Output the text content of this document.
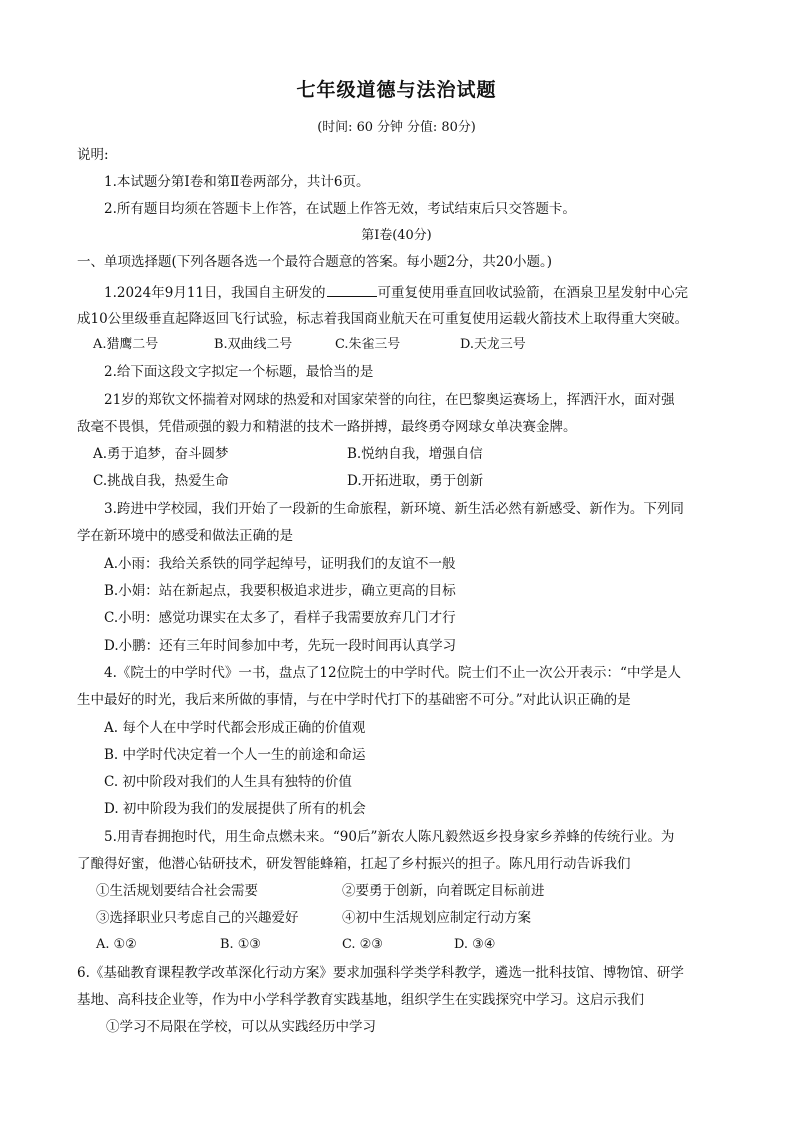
七年级道德与法治试题
(时间: 60 分钟 分值: 80分)
说明:
1.本试题分第Ⅰ卷和第Ⅱ卷两部分，共计6页。
2.所有题目均须在答题卡上作答，在试题上作答无效，考试结束后只交答题卡。
第Ⅰ卷(40分)
一、单项选择题(下列各题各选一个最符合题意的答案。每小题2分，共20小题。)
1.2024年9月11日，我国自主研发的	可重复使用垂直回收试验箭，在酒泉卫星发射中心完
成10公里级垂直起降返回飞行试验，标志着我国商业航天在可重复使用运载火箭技术上取得重大突破。
A.猎鹰二号	B.双曲线二号	C.朱雀三号	D.天龙三号
2.给下面这段文字拟定一个标题，最恰当的是
21岁的郑钦文怀揣着对网球的热爱和对国家荣誉的向往，在巴黎奥运赛场上，挥洒汗水，面对强
敌毫不畏惧，凭借顽强的毅力和精湛的技术一路拼搏，最终勇夺网球女单决赛金牌。
A.勇于追梦，奋斗圆梦	B.悦纳自我，增强自信
C.挑战自我，热爱生命	D.开拓进取，勇于创新
3.跨进中学校园，我们开始了一段新的生命旅程，新环境、新生活必然有新感受、新作为。下列同
学在新环境中的感受和做法正确的是
A.小雨：我给关系铁的同学起绰号，证明我们的友谊不一般
B.小娟：站在新起点，我要积极追求进步，确立更高的目标
C.小明：感觉功课实在太多了，看样子我需要放弃几门才行
D.小鹏：还有三年时间参加中考，先玩一段时间再认真学习
4.《院士的中学时代》一书，盘点了12位院士的中学时代。院士们不止一次公开表示：“中学是人
生中最好的时光，我后来所做的事情，与在中学时代打下的基础密不可分。”对此认识正确的是
A. 每个人在中学时代都会形成正确的价值观
B. 中学时代决定着一个人一生的前途和命运
C. 初中阶段对我们的人生具有独特的价值
D. 初中阶段为我们的发展提供了所有的机会
5.用青春拥抱时代，用生命点燃未来。“90后”新农人陈凡毅然返乡投身家乡养蜂的传统行业。为
了酿得好蜜，他潜心钻研技术，研发智能蜂箱，扛起了乡村振兴的担子。陈凡用行动告诉我们
①生活规划要结合社会需要	②要勇于创新，向着既定目标前进
③选择职业只考虑自己的兴趣爱好	④初中生活规划应制定行动方案
A. ①②	B. ①③	C. ②③	D. ③④
6.《基础教育课程教学改革深化行动方案》要求加强科学类学科教学，遴选一批科技馆、博物馆、研学
基地、高科技企业等，作为中小学科学教育实践基地，组织学生在实践探究中学习。这启示我们
①学习不局限在学校，可以从实践经历中学习
